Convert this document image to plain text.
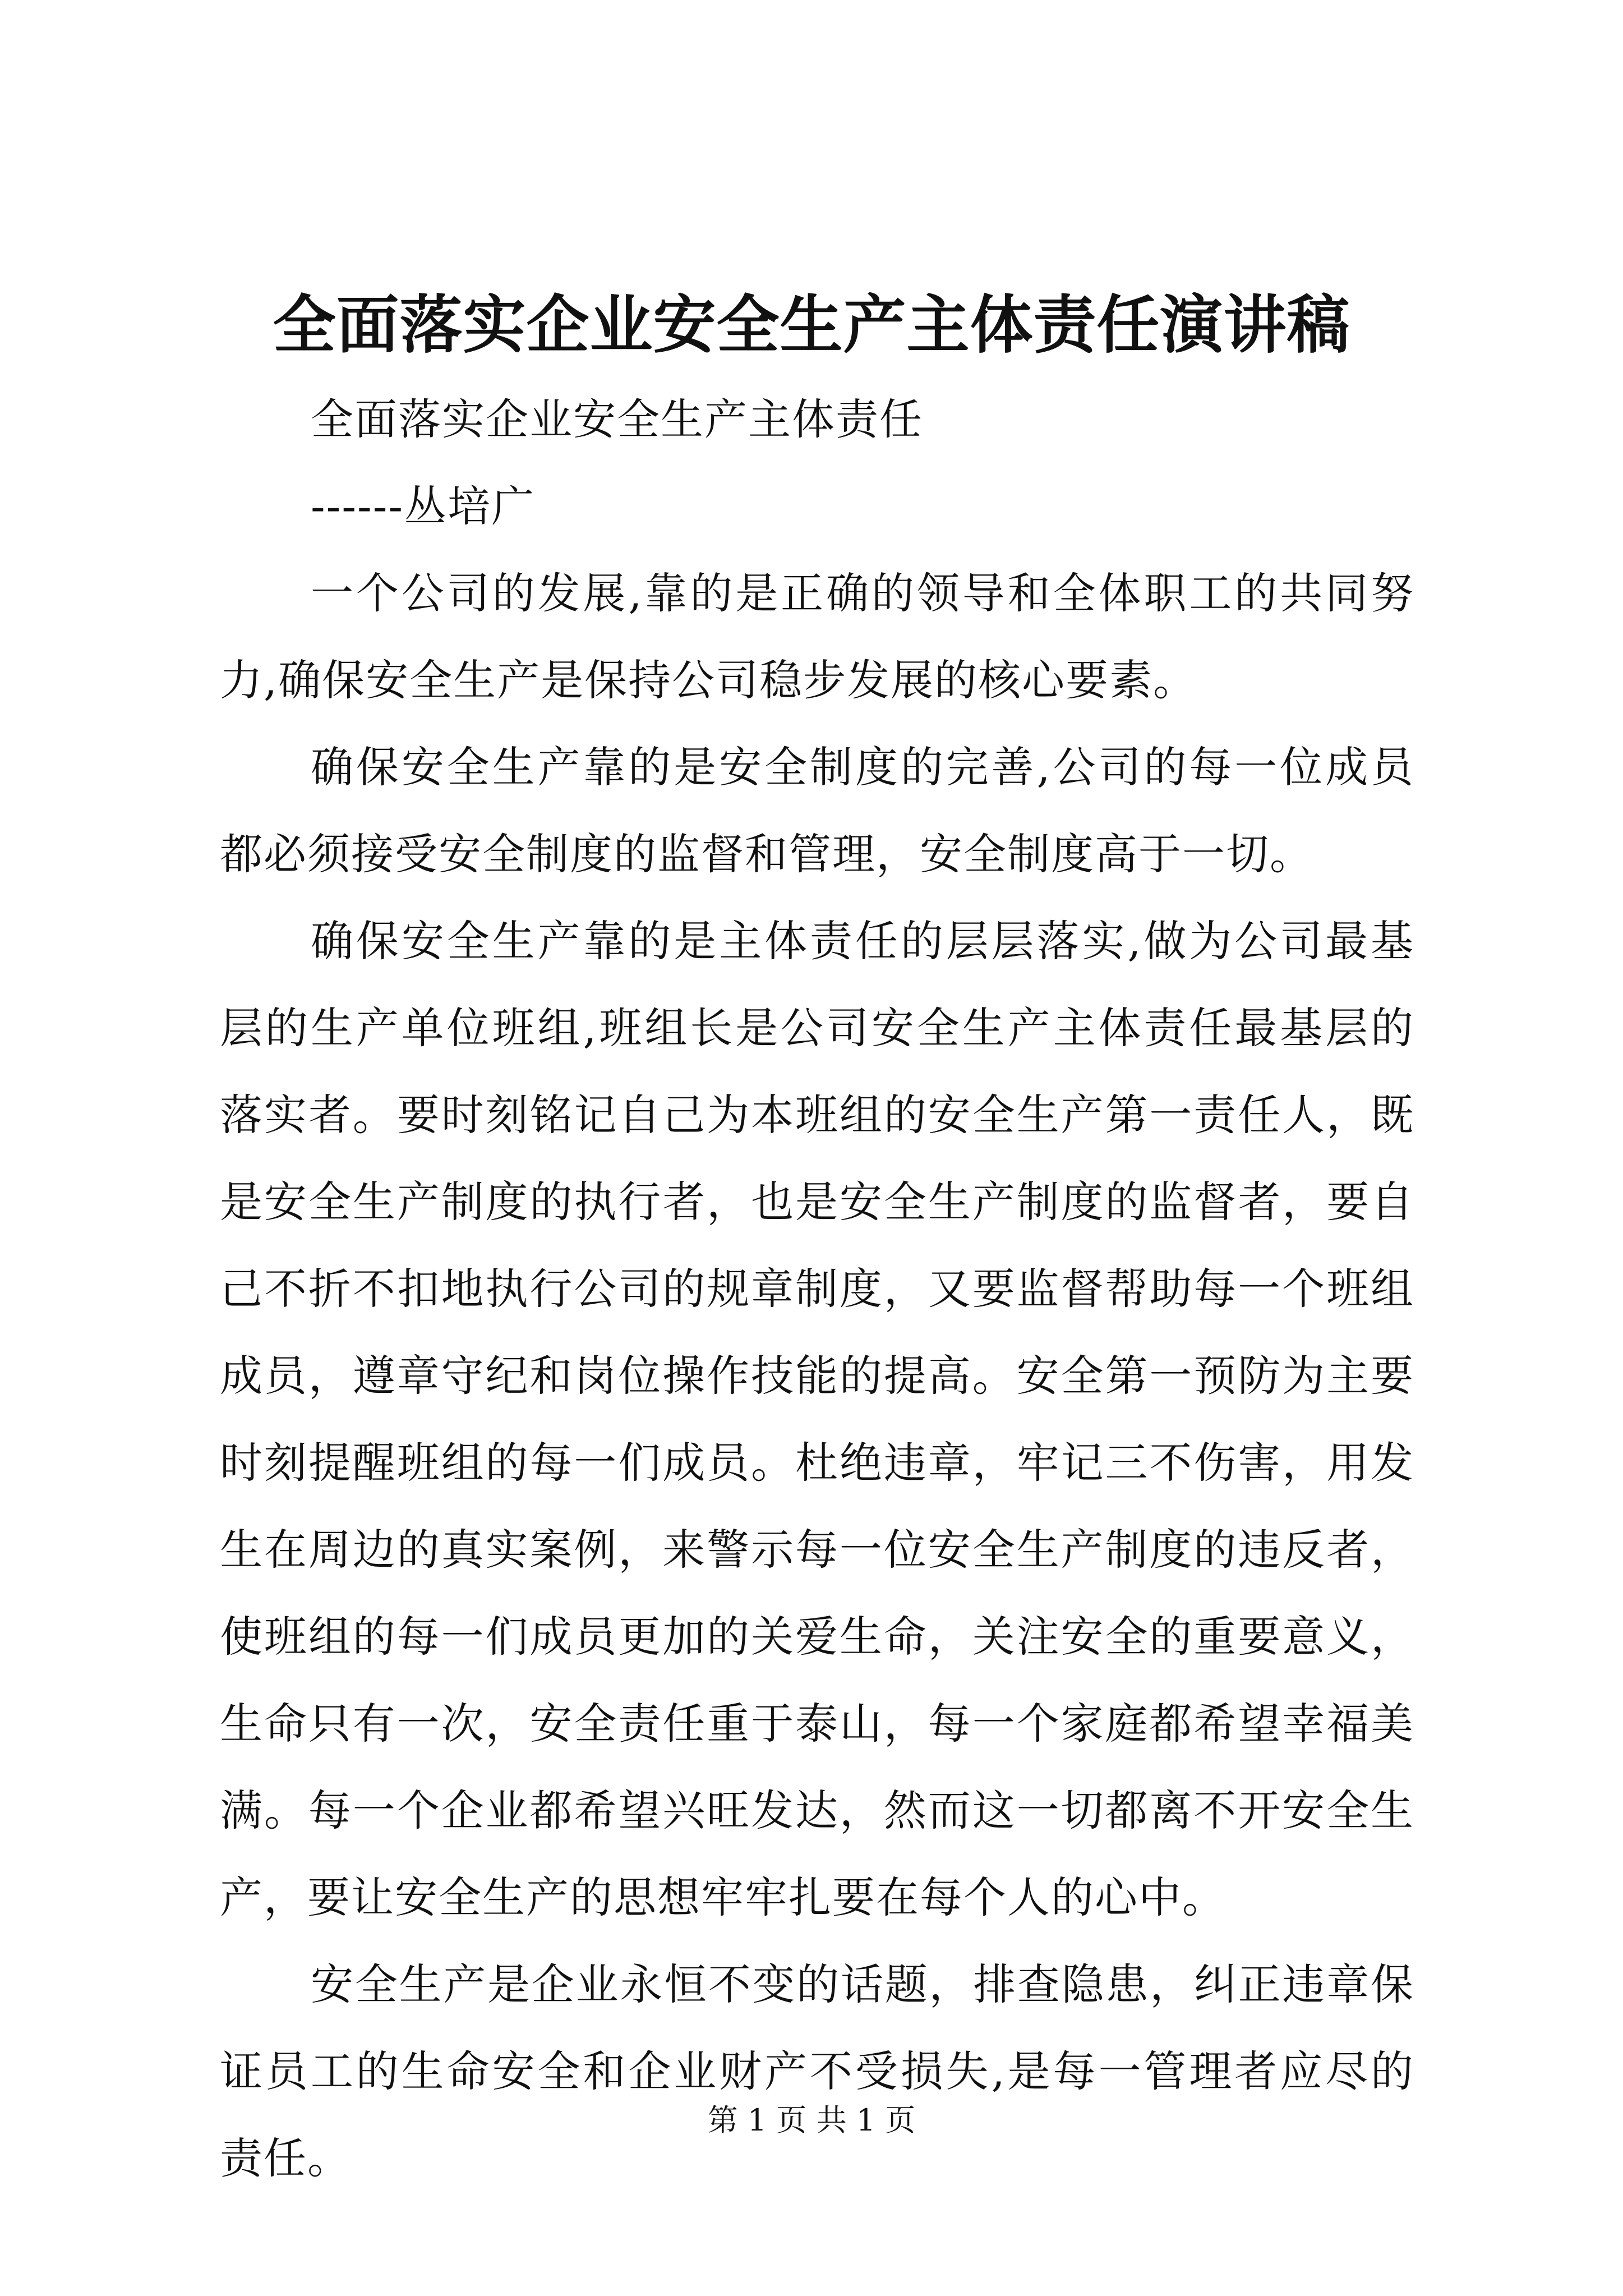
全面落实企业安全生产主体责任演讲稿

全面落实企业安全生产主体责任

------丛培广

一个公司的发展,靠的是正确的领导和全体职工的共同努力,确保安全生产是保持公司稳步发展的核心要素。

确保安全生产靠的是安全制度的完善,公司的每一位成员都必须接受安全制度的监督和管理，安全制度高于一切。

确保安全生产靠的是主体责任的层层落实,做为公司最基层的生产单位班组,班组长是公司安全生产主体责任最基层的落实者。要时刻铭记自己为本班组的安全生产第一责任人，既是安全生产制度的执行者，也是安全生产制度的监督者，要自己不折不扣地执行公司的规章制度，又要监督帮助每一个班组成员，遵章守纪和岗位操作技能的提高。安全第一预防为主要时刻提醒班组的每一们成员。杜绝违章，牢记三不伤害，用发生在周边的真实案例，来警示每一位安全生产制度的违反者，使班组的每一们成员更加的关爱生命，关注安全的重要意义，生命只有一次，安全责任重于泰山，每一个家庭都希望幸福美满。每一个企业都希望兴旺发达，然而这一切都离不开安全生产，要让安全生产的思想牢牢扎要在每个人的心中。

安全生产是企业永恒不变的话题，排查隐患，纠正违章保证员工的生命安全和企业财产不受损失,是每一管理者应尽的责任。

第 1 页 共 1 页
